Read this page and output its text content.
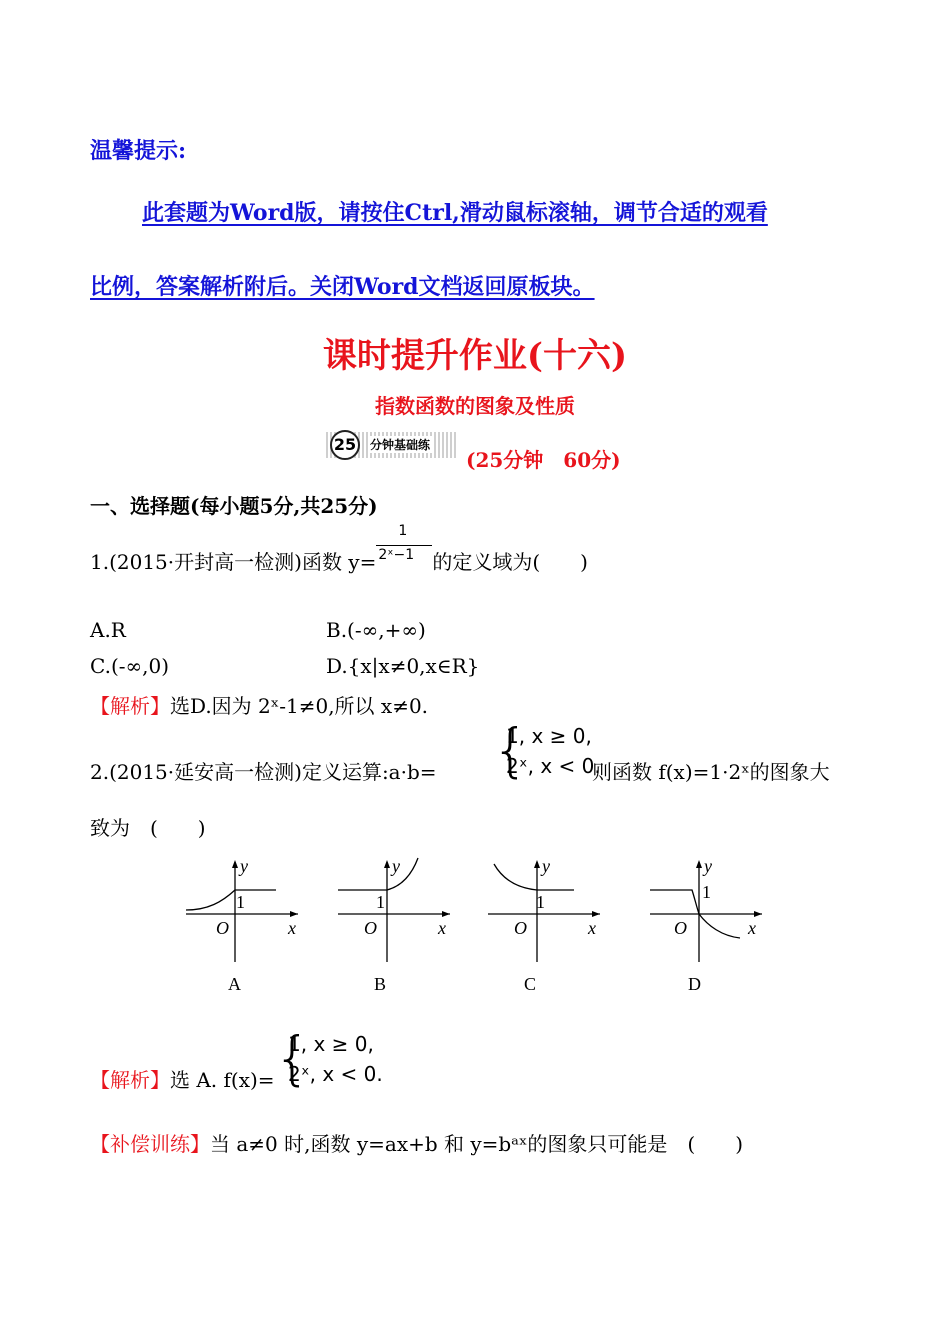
温馨提示:
此套题为Word版，请按住Ctrl,滑动鼠标滚轴，调节合适的观看
比例，答案解析附后。关闭Word文档返回原板块。
课时提升作业(十六)
指数函数的图象及性质
25	分钟基础练
(25分钟　60分)
一、选择题(每小题5分,共25分)
1.(2015·开封高一检测)函数 $y= \frac{1}{\text{2ˣ−1}}$ 的定义域为(　　)
A.R	B.(-∞,+∞)
C.(-∞,0)	D.{x|x≠0,x∈R}
【解析】选D.因为 2ˣ-1≠0,所以 x≠0.
2.(2015·延安高一检测)定义运算:a·b= {
1, x ≥ 0,
2ˣ, x < 0.
则函数 f(x)=1·2ˣ的图象大
致为　(　　)
y
1
O	x
A
y
1
O	x
B
y
1
O	x
C
y
1
O	x
D
【解析】选 A. f(x)= {
1, x ≥ 0,
2ˣ, x < 0.
【补偿训练】当 a≠0 时,函数 y=ax+b 和 y=bᵃˣ的图象只可能是　(　　)
